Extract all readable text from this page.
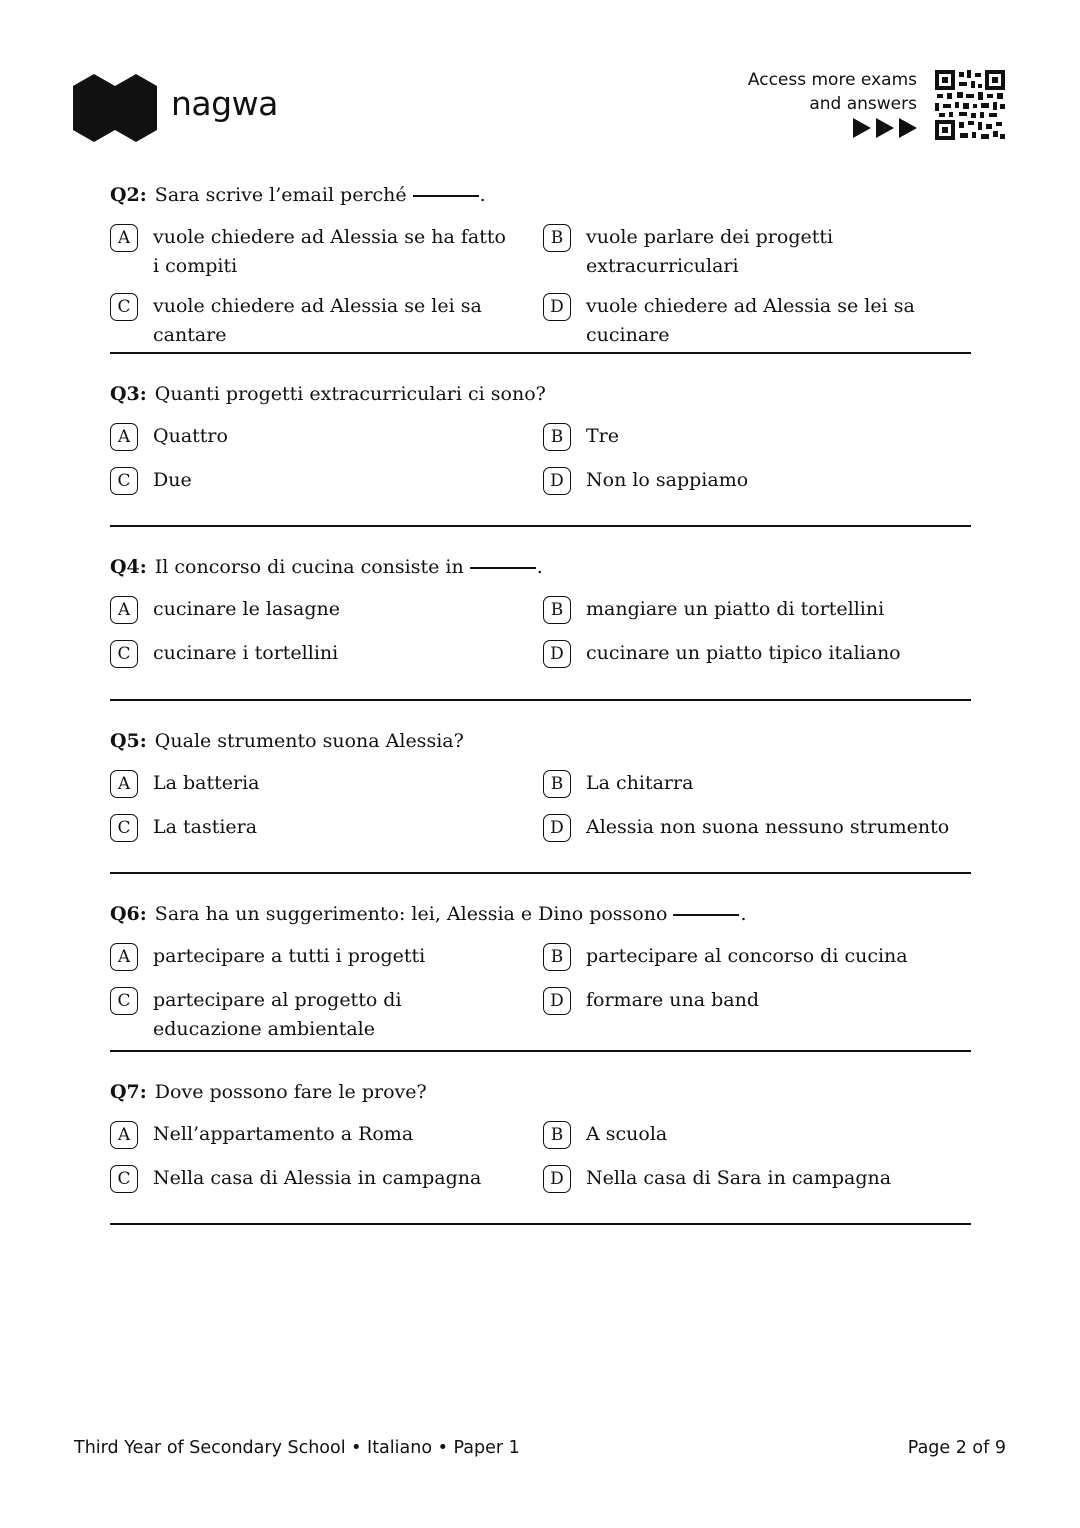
nagwa
Access more exams
and answers
Q2: Sara scrive l’email perché	.
A	vuole chiedere ad Alessia se ha fatto i compiti
B	vuole parlare dei progetti extracurriculari
C	vuole chiedere ad Alessia se lei sa cantare
D	vuole chiedere ad Alessia se lei sa cucinare
Q3: Quanti progetti extracurriculari ci sono?
A	Quattro	B	Tre
C	Due	D	Non lo sappiamo
Q4: Il concorso di cucina consiste in	.
A	cucinare le lasagne	B	mangiare un piatto di tortellini
C	cucinare i tortellini	D	cucinare un piatto tipico italiano
Q5: Quale strumento suona Alessia?
A	La batteria	B	La chitarra
C	La tastiera	D	Alessia non suona nessuno strumento
Q6: Sara ha un suggerimento: lei, Alessia e Dino possono	.
A	partecipare a tutti i progetti	B	partecipare al concorso di cucina
C	partecipare al progetto di educazione ambientale
D	formare una band
Q7: Dove possono fare le prove?
A	Nell’appartamento a Roma	B	A scuola
C	Nella casa di Alessia in campagna	D	Nella casa di Sara in campagna
Third Year of Secondary School • Italiano • Paper 1	Page 2 of 9
